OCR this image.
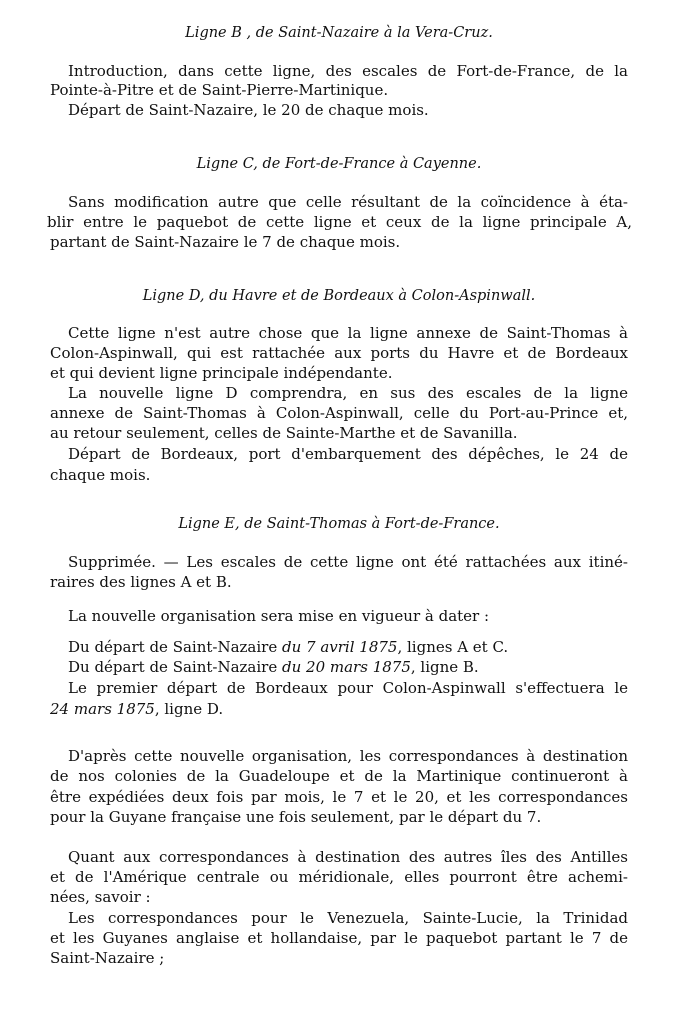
Ligne B , de Saint-Nazaire à la Vera-Cruz.
Introduction, dans cette ligne, des escales de Fort-de-France, de la
Pointe-à-Pitre et de Saint-Pierre-Martinique.
Départ de Saint-Nazaire, le 20 de chaque mois.
Ligne C, de Fort-de-France à Cayenne.
Sans modification autre que celle résultant de la coïncidence à éta-
blir entre le paquebot de cette ligne et ceux de la ligne principale A,
partant de Saint-Nazaire le 7 de chaque mois.
Ligne D, du Havre et de Bordeaux à Colon-Aspinwall.
Cette ligne n'est autre chose que la ligne annexe de Saint-Thomas à
Colon-Aspinwall, qui est rattachée aux ports du Havre et de Bordeaux
et qui devient ligne principale indépendante.
La nouvelle ligne D comprendra, en sus des escales de la ligne
annexe de Saint-Thomas à Colon-Aspinwall, celle du Port-au-Prince et,
au retour seulement, celles de Sainte-Marthe et de Savanilla.
Départ de Bordeaux, port d'embarquement des dépêches, le 24 de
chaque mois.
Ligne E, de Saint-Thomas à Fort-de-France.
Supprimée. — Les escales de cette ligne ont été rattachées aux itiné-
raires des lignes A et B.
La nouvelle organisation sera mise en vigueur à dater :
Du départ de Saint-Nazaire du 7 avril 1875, lignes A et C.
Du départ de Saint-Nazaire du 20 mars 1875, ligne B.
Le premier départ de Bordeaux pour Colon-Aspinwall s'effectuera le
24 mars 1875, ligne D.
D'après cette nouvelle organisation, les correspondances à destination
de nos colonies de la Guadeloupe et de la Martinique continueront à
être expédiées deux fois par mois, le 7 et le 20, et les correspondances
pour la Guyane française une fois seulement, par le départ du 7.
Quant aux correspondances à destination des autres îles des Antilles
et de l'Amérique centrale ou méridionale, elles pourront être achemi-
nées, savoir :
Les correspondances pour le Venezuela, Sainte-Lucie, la Trinidad
et les Guyanes anglaise et hollandaise, par le paquebot partant le 7 de
Saint-Nazaire ;
